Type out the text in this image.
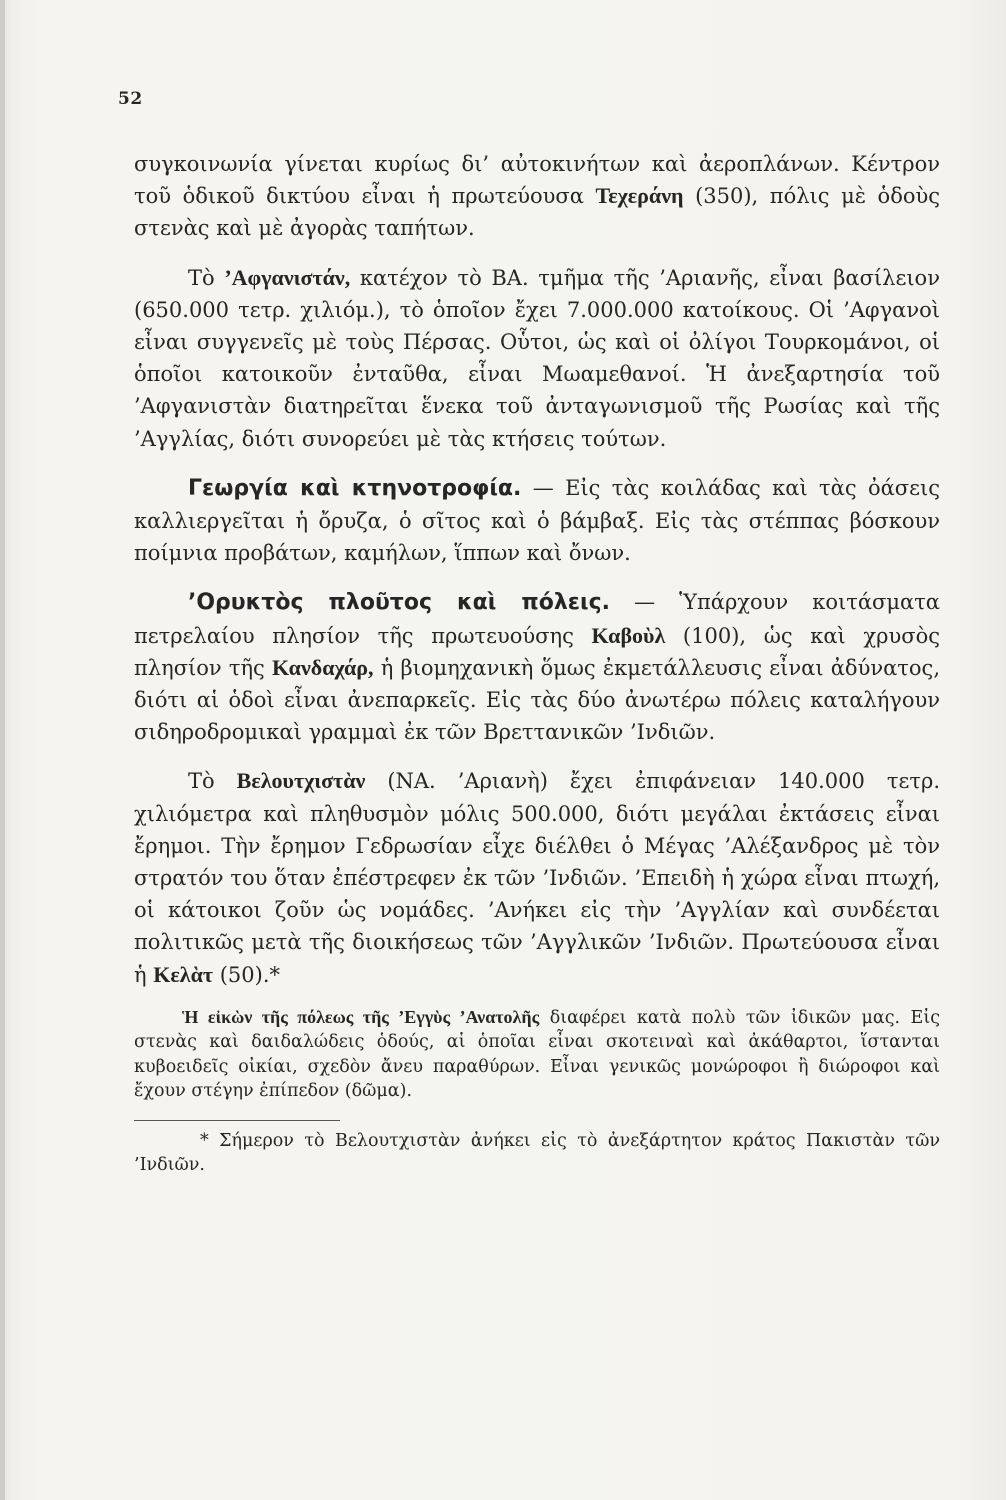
52

συγκοινωνία γίνεται κυρίως δι’ αὐτοκινήτων καὶ ἀεροπλάνων. Κέντρον τοῦ ὁδικοῦ δικτύου εἶναι ἡ πρωτεύουσα Τεχεράνη (350), πόλις μὲ ὁδοὺς στενὰς καὶ μὲ ἀγορὰς ταπήτων.

Τὸ ’Αφγανιστάν, κατέχον τὸ ΒΑ. τμῆμα τῆς ’Αριανῆς, εἶναι βασίλειον (650.000 τετρ. χιλιόμ.), τὸ ὁποῖον ἔχει 7.000.000 κατοίκους. Οἱ ’Αφγανοὶ εἶναι συγγενεῖς μὲ τοὺς Πέρσας. Οὗτοι, ὡς καὶ οἱ ὀλίγοι Τουρκομάνοι, οἱ ὁποῖοι κατοικοῦν ἐνταῦθα, εἶναι Μωαμεθανοί. Ἡ ἀνεξαρτησία τοῦ ’Αφγανιστὰν διατηρεῖται ἕνεκα τοῦ ἀνταγωνισμοῦ τῆς Ρωσίας καὶ τῆς ’Αγγλίας, διότι συνορεύει μὲ τὰς κτήσεις τούτων.

Γεωργία καὶ κτηνοτροφία. — Εἰς τὰς κοιλάδας καὶ τὰς ὀάσεις καλλιεργεῖται ἡ ὄρυζα, ὁ σῖτος καὶ ὁ βάμβαξ. Εἰς τὰς στέππας βόσκουν ποίμνια προβάτων, καμήλων, ἵππων καὶ ὄνων.

’Ορυκτὸς πλοῦτος καὶ πόλεις. — Ὑπάρχουν κοιτάσματα πετρελαίου πλησίον τῆς πρωτευούσης Καβοὺλ (100), ὡς καὶ χρυσὸς πλησίον τῆς Κανδαχάρ, ἡ βιομηχανικὴ ὅμως ἐκμετάλλευσις εἶναι ἀδύνατος, διότι αἱ ὁδοὶ εἶναι ἀνεπαρκεῖς. Εἰς τὰς δύο ἀνωτέρω πόλεις καταλήγουν σιδηροδρομικαὶ γραμμαὶ ἐκ τῶν Βρεττανικῶν ’Ινδιῶν.

Τὸ Βελουτχιστὰν (ΝΑ. ’Αριανὴ) ἔχει ἐπιφάνειαν 140.000 τετρ. χιλιόμετρα καὶ πληθυσμὸν μόλις 500.000, διότι μεγάλαι ἐκτάσεις εἶναι ἔρημοι. Τὴν ἔρημον Γεδρωσίαν εἶχε διέλθει ὁ Μέγας ’Αλέξανδρος μὲ τὸν στρατόν του ὅταν ἐπέστρεφεν ἐκ τῶν ’Ινδιῶν. ’Επειδὴ ἡ χώρα εἶναι πτωχή, οἱ κάτοικοι ζοῦν ὡς νομάδες. ’Ανήκει εἰς τὴν ’Αγγλίαν καὶ συνδέεται πολιτικῶς μετὰ τῆς διοικήσεως τῶν ’Αγγλικῶν ’Ινδιῶν. Πρωτεύουσα εἶναι ἡ Κελὰτ (50).*

Ἡ εἰκὼν τῆς πόλεως τῆς ’Εγγὺς ’Ανατολῆς διαφέρει κατὰ πολὺ τῶν ἰδικῶν μας. Εἰς στενὰς καὶ δαιδαλώδεις ὁδούς, αἱ ὁποῖαι εἶναι σκοτειναὶ καὶ ἀκάθαρτοι, ἵστανται κυβοειδεῖς οἰκίαι, σχεδὸν ἄνευ παραθύρων. Εἶναι γενικῶς μονώροφοι ἢ διώροφοι καὶ ἔχουν στέγην ἐπίπεδον (δῶμα).

* Σήμερον τὸ Βελουτχιστὰν ἀνήκει εἰς τὸ ἀνεξάρτητον κράτος Πακιστὰν τῶν ’Ινδιῶν.
